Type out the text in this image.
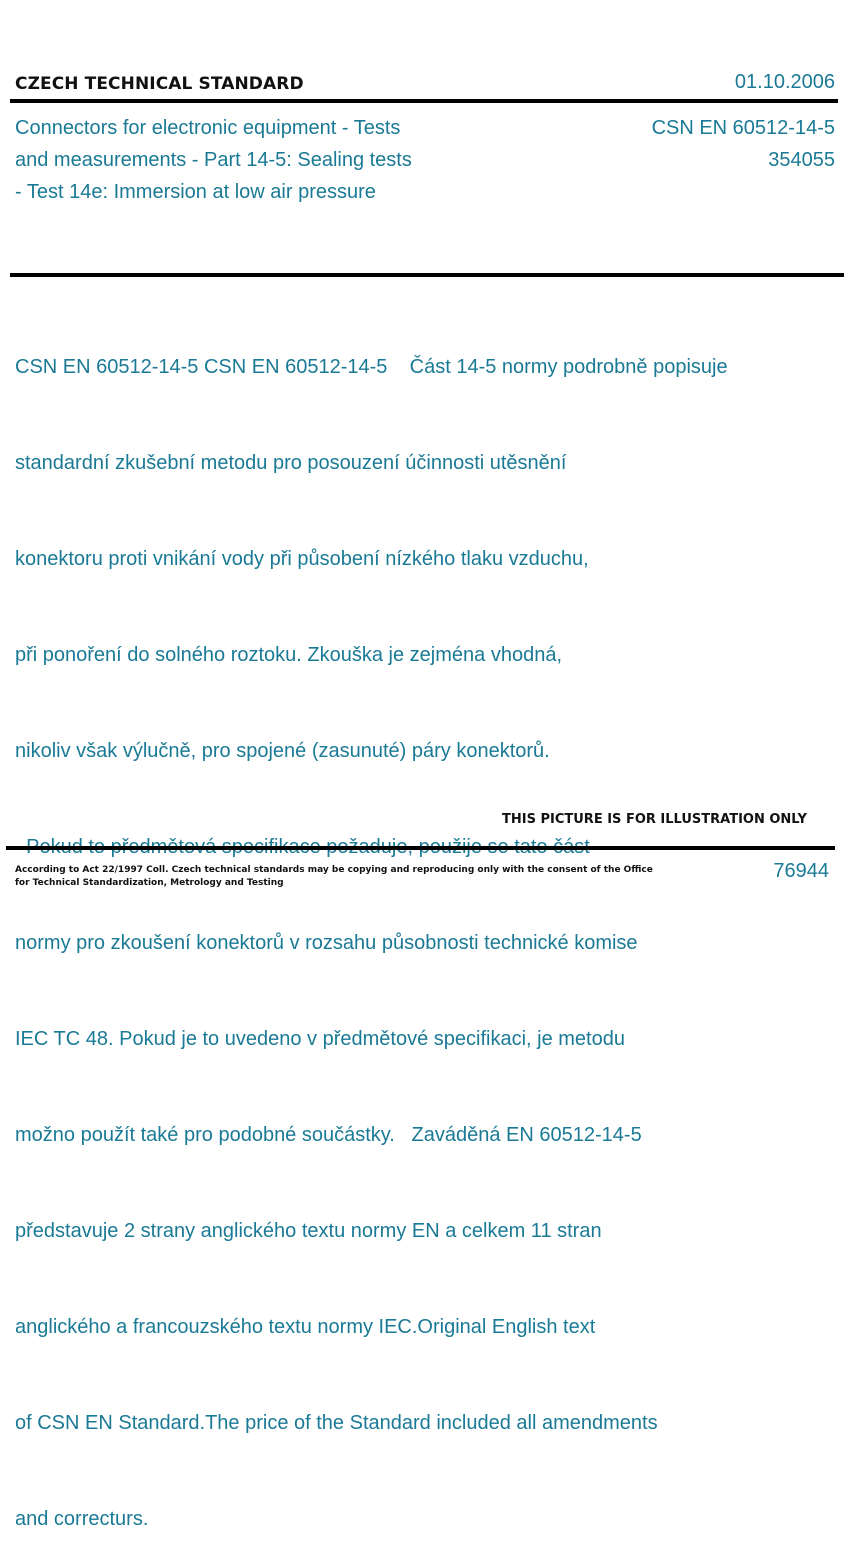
CZECH TECHNICAL STANDARD	01.10.2006
Connectors for electronic equipment - Tests
and measurements - Part 14-5: Sealing tests
- Test 14e: Immersion at low air pressure
CSN EN 60512-14-5
354055

CSN EN 60512-14-5 CSN EN 60512-14-5    Část 14-5 normy podrobně popisuje

standardní zkušební metodu pro posouzení účinnosti utěsnění

konektoru proti vnikání vody při působení nízkého tlaku vzduchu,

při ponoření do solného roztoku. Zkouška je zejména vhodná,

nikoliv však výlučně, pro spojené (zasunuté) páry konektorů.

normy pro zkoušení konektorů v rozsahu působnosti technické komise

IEC TC 48. Pokud je to uvedeno v předmětové specifikaci, je metodu

možno použít také pro podobné součástky.   Zaváděná EN 60512-14-5

představuje 2 strany anglického textu normy EN a celkem 11 stran

anglického a francouzského textu normy IEC.Original English text

of CSN EN Standard.The price of the Standard included all amendments

and correcturs.

THIS PICTURE IS FOR ILLUSTRATION ONLY
According to Act 22/1997 Coll. Czech technical standards may be copying and reproducing only with the consent of the Office
for Technical Standardization, Metrology and Testing
76944
